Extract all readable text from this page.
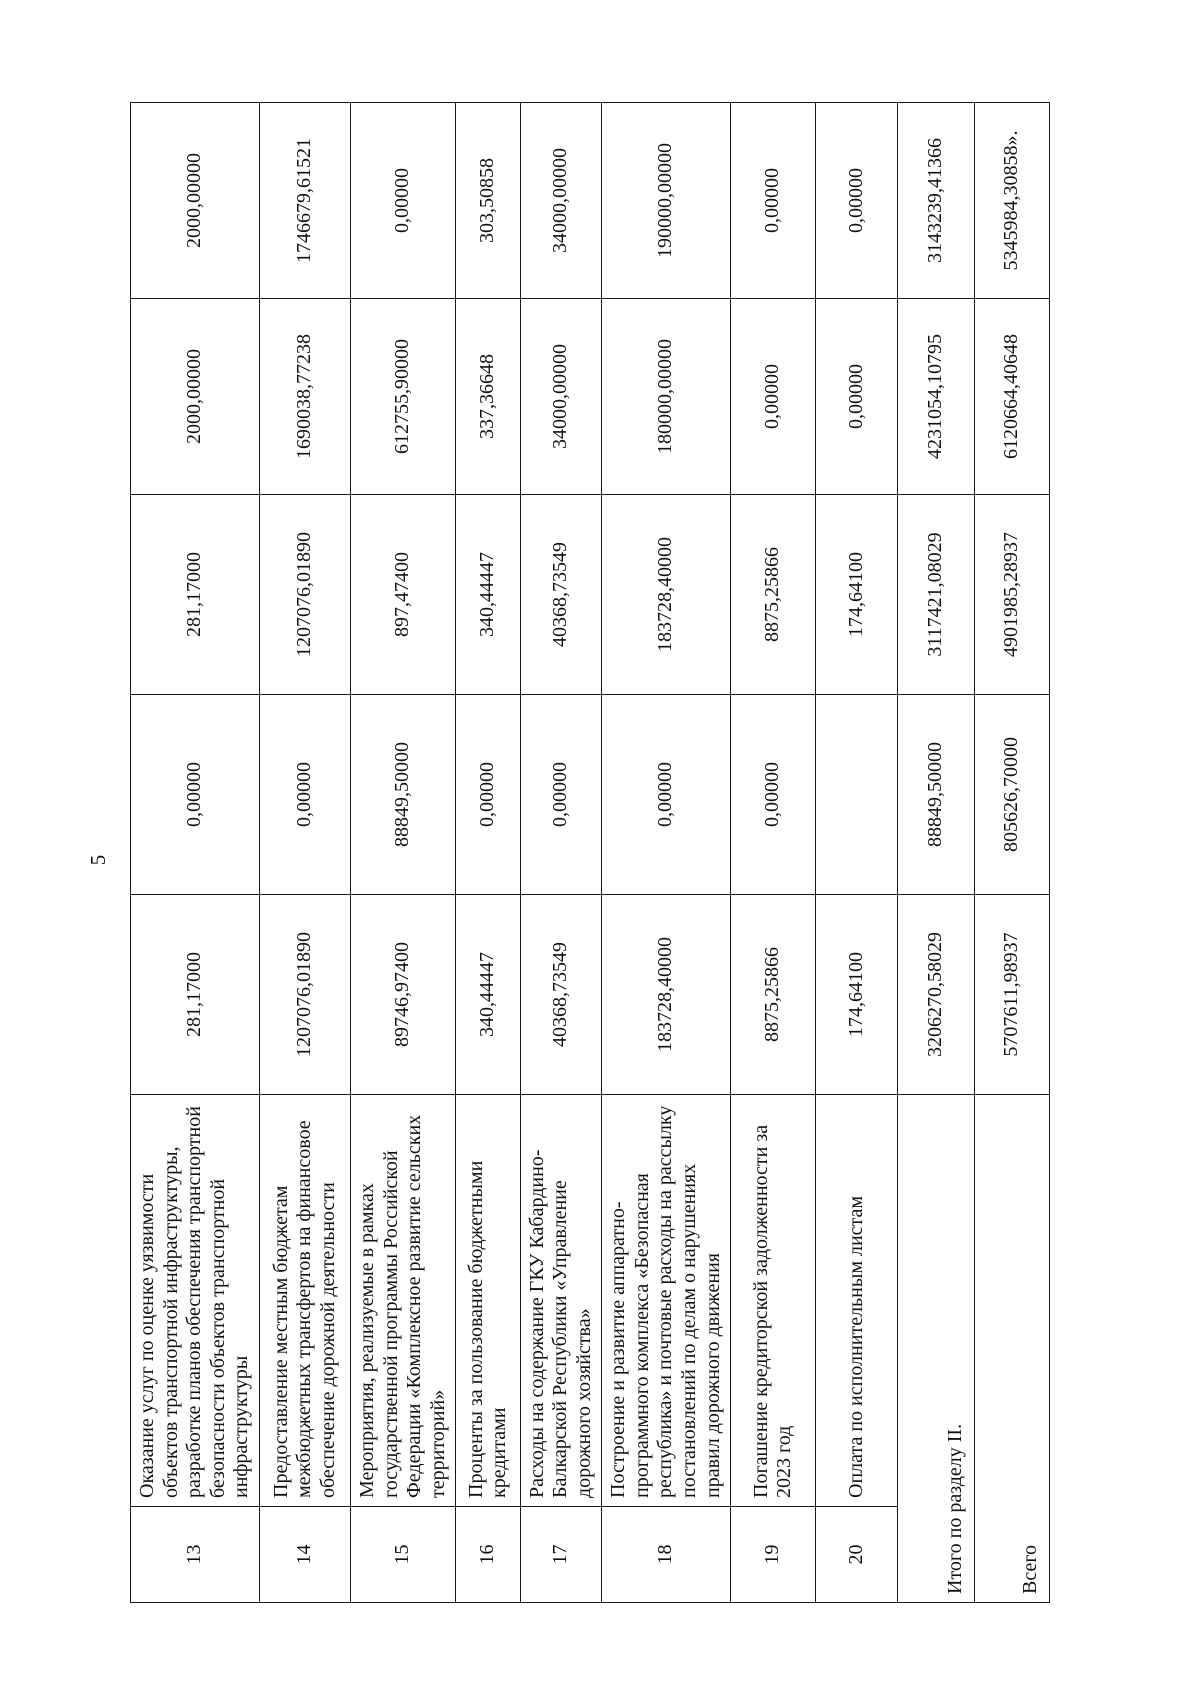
5
13	Оказание услуг по оценке уязвимости объектов транспортной инфраструктуры, разработке планов обеспечения транспортной безопасности объектов транспортной инфраструктуры	281,17000	0,00000	281,17000	2000,00000	2000,00000
14	Предоставление местным бюджетам межбюджетных трансфертов на финансовое обеспечение дорожной деятельности	1207076,01890	0,00000	1207076,01890	1690038,77238	1746679,61521
15	Мероприятия, реализуемые в рамках государственной программы Российской Федерации «Комплексное развитие сельских территорий»	89746,97400	88849,50000	897,47400	612755,90000	0,00000
16	Проценты за пользование бюджетными кредитами	340,44447	0,00000	340,44447	337,36648	303,50858
17	Расходы на содержание ГКУ Кабардино-Балкарской Республики «Управление дорожного хозяйства»	40368,73549	0,00000	40368,73549	34000,00000	34000,00000
18	Построение и развитие аппаратно-программного комплекса «Безопасная республика» и почтовые расходы на рассылку постановлений по делам о нарушениях правил дорожного движения	183728,40000	0,00000	183728,40000	180000,00000	190000,00000
19	Погашение кредиторской задолженности за 2023 год	8875,25866	0,00000	8875,25866	0,00000	0,00000
20	Оплата по исполнительным листам	174,64100		174,64100	0,00000	0,00000
Итого по разделу II.		3206270,58029	88849,50000	3117421,08029	4231054,10795	3143239,41366
Всего		5707611,98937	805626,70000	4901985,28937	6120664,40648	5345984,30858».
